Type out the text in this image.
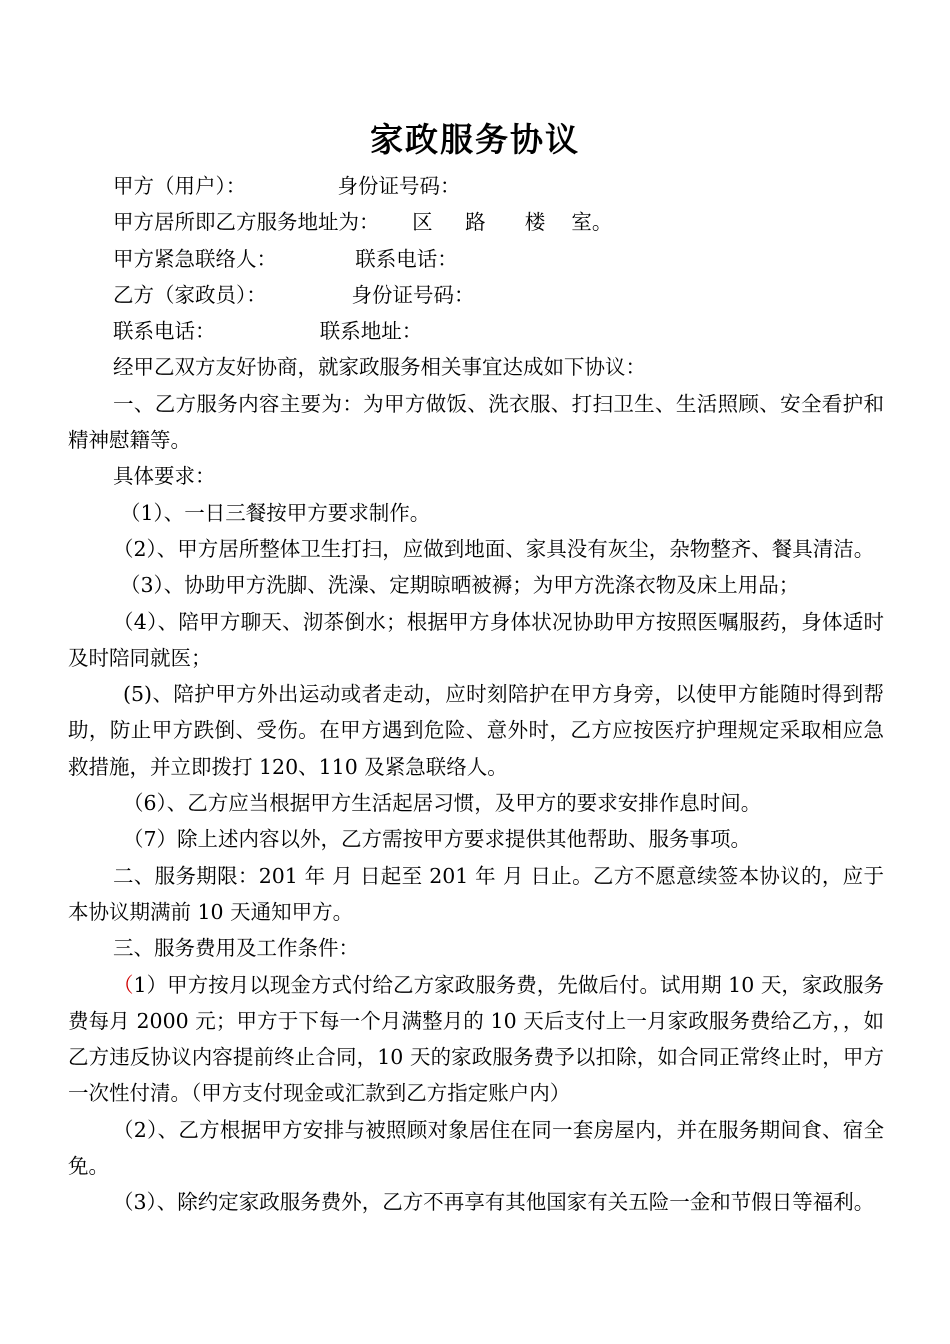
家政服务协议
甲方（用户）：              身份证号码：
甲方居所即乙方服务地址为：     区     路      楼    室。
甲方紧急联络人：            联系电话：
乙方（家政员）：             身份证号码：
联系电话：                联系地址：
经甲乙双方友好协商，就家政服务相关事宜达成如下协议：
一、乙方服务内容主要为：为甲方做饭、洗衣服、打扫卫生、生活照顾、安全看护和精神慰籍等。
具体要求：
（1）、一日三餐按甲方要求制作。
（2）、甲方居所整体卫生打扫，应做到地面、家具没有灰尘，杂物整齐、餐具清洁。
（3）、协助甲方洗脚、洗澡、定期晾晒被褥；为甲方洗涤衣物及床上用品；
（4）、陪甲方聊天、沏茶倒水；根据甲方身体状况协助甲方按照医嘱服药，身体适时及时陪同就医；
(5)、陪护甲方外出运动或者走动，应时刻陪护在甲方身旁，以使甲方能随时得到帮助，防止甲方跌倒、受伤。在甲方遇到危险、意外时，乙方应按医疗护理规定采取相应急救措施，并立即拨打 120、110 及紧急联络人。
（6）、乙方应当根据甲方生活起居习惯，及甲方的要求安排作息时间。
（7）除上述内容以外，乙方需按甲方要求提供其他帮助、服务事项。
二、服务期限：201 年 月 日起至 201 年 月 日止。乙方不愿意续签本协议的，应于本协议期满前 10 天通知甲方。
三、服务费用及工作条件：
（1）甲方按月以现金方式付给乙方家政服务费，先做后付。试用期 10 天，家政服务费每月 2000 元；甲方于下每一个月满整月的 10 天后支付上一月家政服务费给乙方，，如乙方违反协议内容提前终止合同，10 天的家政服务费予以扣除，如合同正常终止时，甲方一次性付清。（甲方支付现金或汇款到乙方指定账户内）
（2）、乙方根据甲方安排与被照顾对象居住在同一套房屋内，并在服务期间食、宿全免。
（3）、除约定家政服务费外，乙方不再享有其他国家有关五险一金和节假日等福利。
